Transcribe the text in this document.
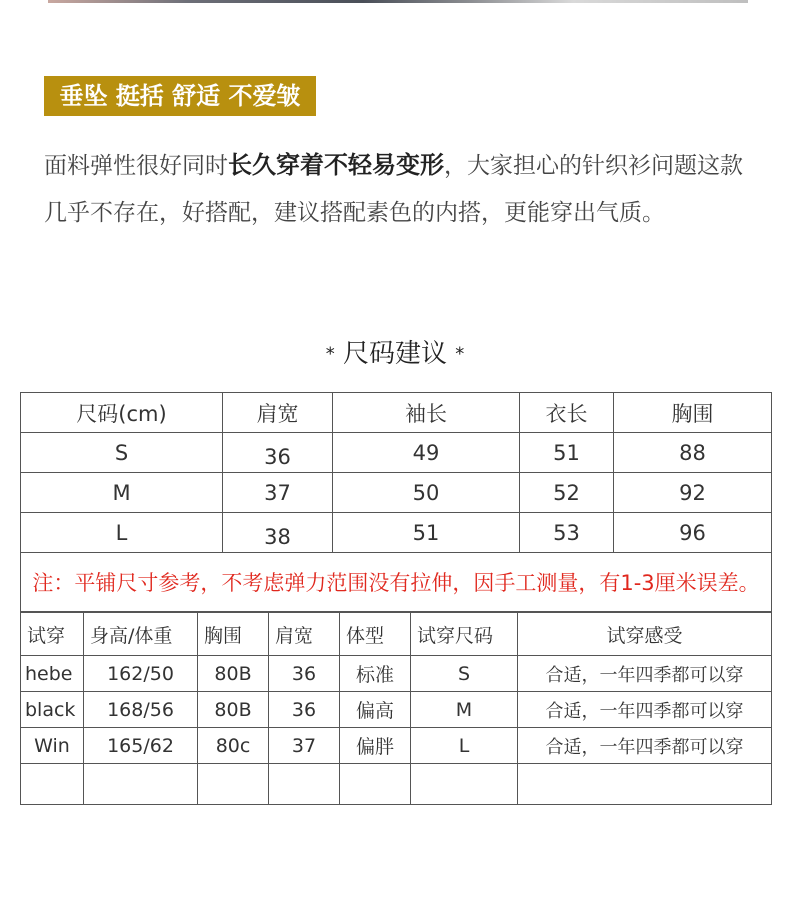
垂坠 挺括 舒适 不爱皱
面料弹性很好同时长久穿着不轻易变形，大家担心的针织衫问题这款几乎不存在，好搭配，建议搭配素色的内搭，更能穿出气质。
* 尺码建议 *
尺码(cm)	肩宽	袖长	衣长	胸围
S	36	49	51	88
M	37	50	52	92
L	38	51	53	96
注：平铺尺寸参考，不考虑弹力范围没有拉伸，因手工测量，有1-3厘米误差。				
试穿	身高/体重	胸围	肩宽	体型	试穿尺码	试穿感受
hebe	162/50	80B	36	标准	S	合适，一年四季都可以穿
black	168/56	80B	36	偏高	M	合适，一年四季都可以穿
Win	165/62	80c	37	偏胖	L	合适，一年四季都可以穿
